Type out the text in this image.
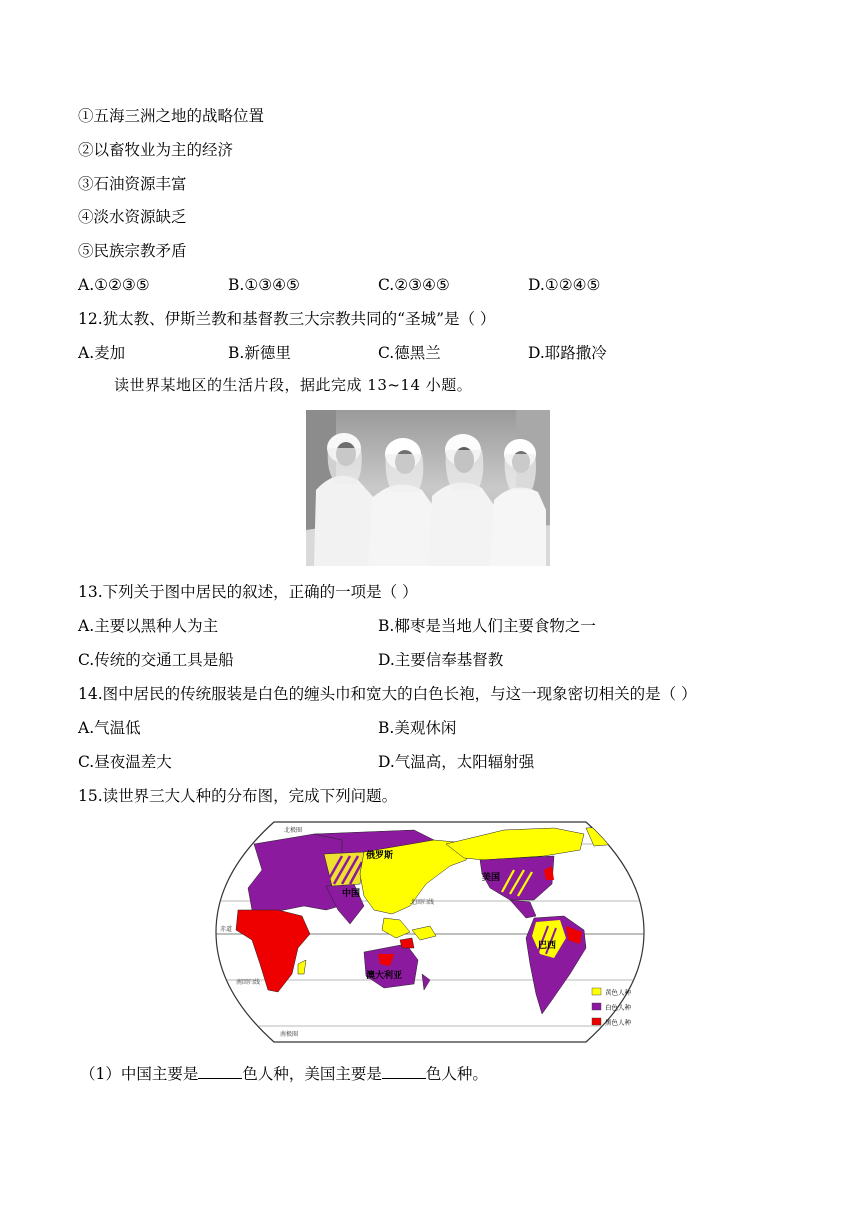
①五海三洲之地的战略位置
②以畜牧业为主的经济
③石油资源丰富
④淡水资源缺乏
⑤民族宗教矛盾
A.①②③⑤	B.①③④⑤	C.②③④⑤	D.①②④⑤
12.犹太教、伊斯兰教和基督教三大宗教共同的“圣城”是（ ）
A.麦加	B.新德里	C.德黑兰	D.耶路撒冷
读世界某地区的生活片段，据此完成 13~14 小题。
13.下列关于图中居民的叙述，正确的一项是（ ）
A.主要以黑种人为主	B.椰枣是当地人们主要食物之一
C.传统的交通工具是船	D.主要信奉基督教
14.图中居民的传统服装是白色的缠头巾和宽大的白色长袍，与这一现象密切相关的是（ ）
A.气温低	B.美观休闲
C.昼夜温差大	D.气温高，太阳辐射强
15.读世界三大人种的分布图，完成下列问题。
北极圈
北回归线
赤道
南回归线
南极圈
俄罗斯
中国
美国
巴西
澳大利亚
黄色人种
白色人种
黑色人种
（1）中国主要是	色人种，美国主要是	色人种。
